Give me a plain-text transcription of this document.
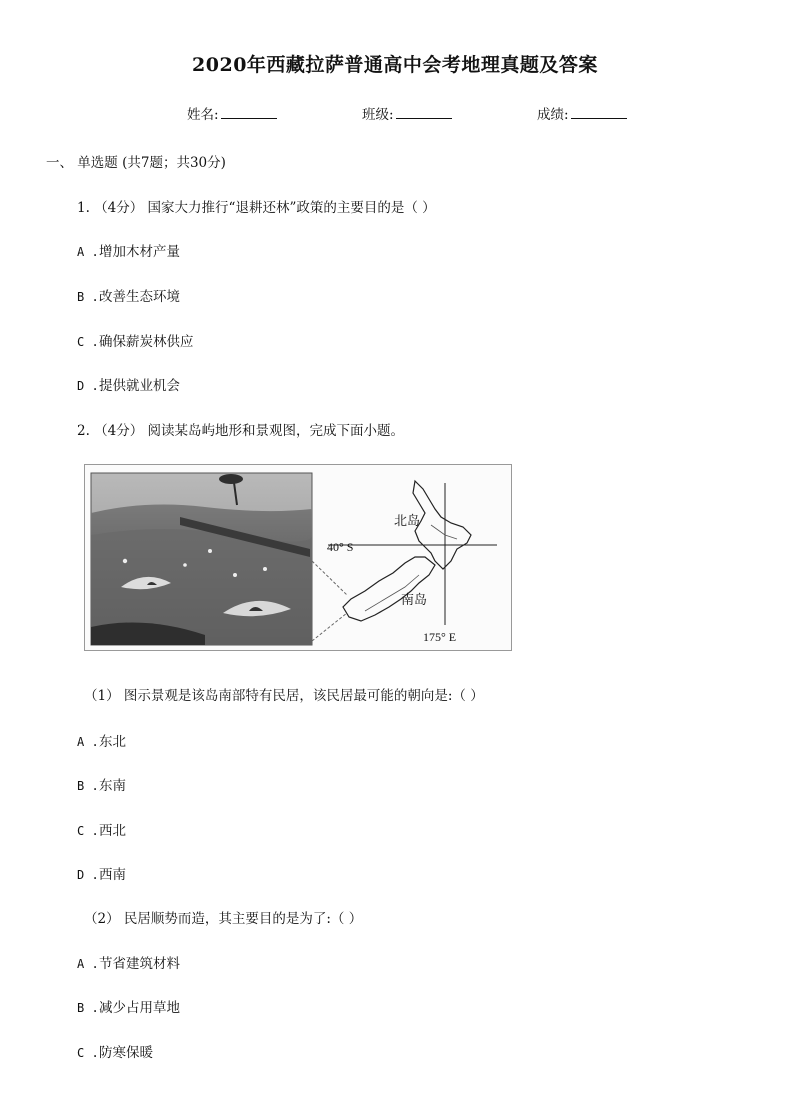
2020年西藏拉萨普通高中会考地理真题及答案
姓名:	班级:	成绩:
一、 单选题 (共7题；共30分)
1. （4分） 国家大力推行“退耕还林”政策的主要目的是（ ）
A .增加木材产量
B .改善生态环境
C .确保薪炭林供应
D .提供就业机会
2. （4分） 阅读某岛屿地形和景观图，完成下面小题。
北岛
南岛
40° S
175° E
（1） 图示景观是该岛南部特有民居，该民居最可能的朝向是:（ ）
A .东北
B .东南
C .西北
D .西南
（2） 民居顺势而造，其主要目的是为了:（ ）
A .节省建筑材料
B .减少占用草地
C .防寒保暖
